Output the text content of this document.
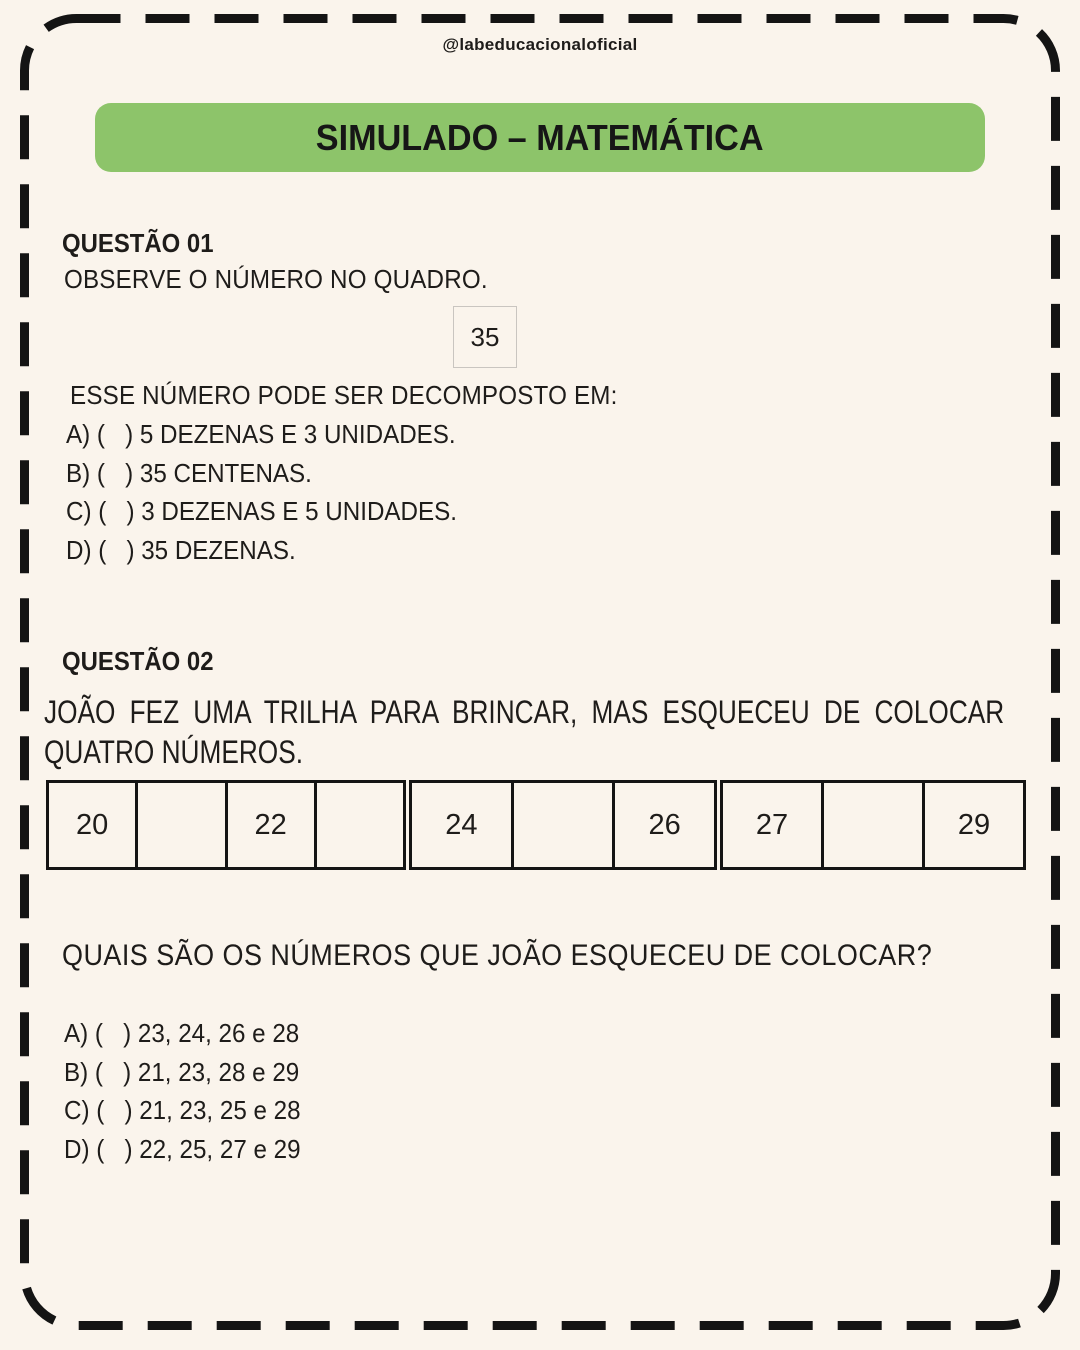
@labeducacionaloficial
SIMULADO – MATEMÁTICA
QUESTÃO 01
OBSERVE O NÚMERO NO QUADRO.
35
ESSE NÚMERO PODE SER DECOMPOSTO EM:
A) (   ) 5 DEZENAS E 3 UNIDADES.
B) (   ) 35 CENTENAS.
C) (   ) 3 DEZENAS E 5 UNIDADES.
D) (   ) 35 DEZENAS.
QUESTÃO 02
JOÃO FEZ UMA TRILHA PARA BRINCAR, MAS ESQUECEU DE COLOCAR
QUATRO NÚMEROS.
20	22	24	26	27	29
QUAIS SÃO OS NÚMEROS QUE JOÃO ESQUECEU DE COLOCAR?
A) (   ) 23, 24, 26 e 28
B) (   ) 21, 23, 28 e 29
C) (   ) 21, 23, 25 e 28
D) (   ) 22, 25, 27 e 29
